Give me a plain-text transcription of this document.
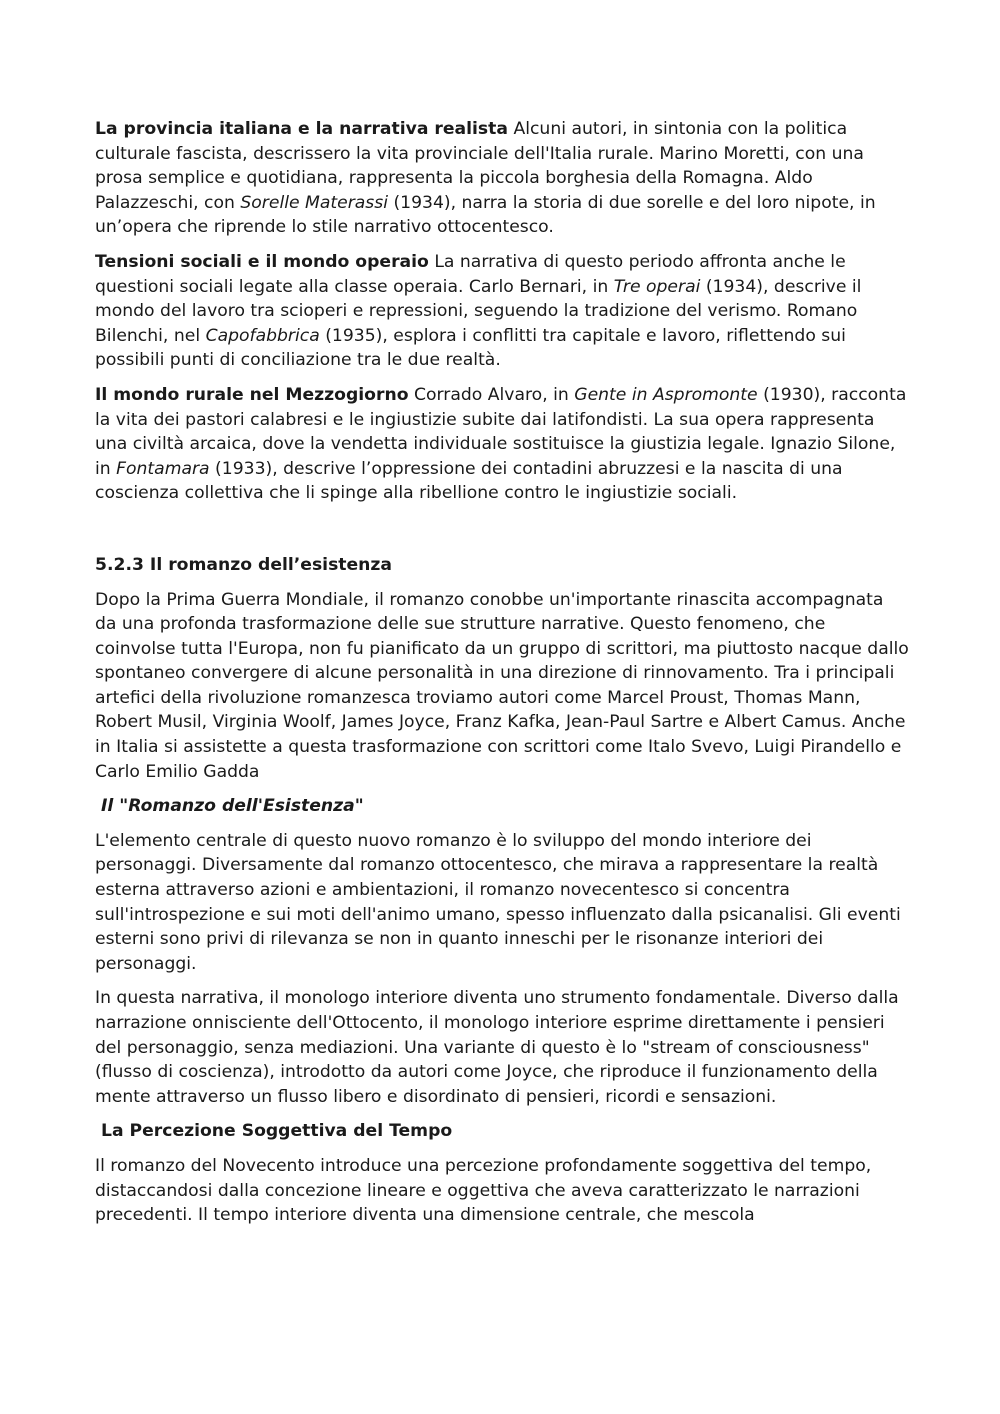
La provincia italiana e la narrativa realista Alcuni autori, in sintonia con la politica culturale fascista, descrissero la vita provinciale dell'Italia rurale. Marino Moretti, con una prosa semplice e quotidiana, rappresenta la piccola borghesia della Romagna. Aldo Palazzeschi, con Sorelle Materassi (1934), narra la storia di due sorelle e del loro nipote, in un’opera che riprende lo stile narrativo ottocentesco.

Tensioni sociali e il mondo operaio La narrativa di questo periodo affronta anche le questioni sociali legate alla classe operaia. Carlo Bernari, in Tre operai (1934), descrive il mondo del lavoro tra scioperi e repressioni, seguendo la tradizione del verismo. Romano Bilenchi, nel Capofabbrica (1935), esplora i conflitti tra capitale e lavoro, riflettendo sui possibili punti di conciliazione tra le due realtà.

Il mondo rurale nel Mezzogiorno Corrado Alvaro, in Gente in Aspromonte (1930), racconta la vita dei pastori calabresi e le ingiustizie subite dai latifondisti. La sua opera rappresenta una civiltà arcaica, dove la vendetta individuale sostituisce la giustizia legale. Ignazio Silone, in Fontamara (1933), descrive l’oppressione dei contadini abruzzesi e la nascita di una coscienza collettiva che li spinge alla ribellione contro le ingiustizie sociali.

5.2.3 Il romanzo dell’esistenza

Dopo la Prima Guerra Mondiale, il romanzo conobbe un'importante rinascita accompagnata da una profonda trasformazione delle sue strutture narrative. Questo fenomeno, che coinvolse tutta l'Europa, non fu pianificato da un gruppo di scrittori, ma piuttosto nacque dallo spontaneo convergere di alcune personalità in una direzione di rinnovamento. Tra i principali artefici della rivoluzione romanzesca troviamo autori come Marcel Proust, Thomas Mann, Robert Musil, Virginia Woolf, James Joyce, Franz Kafka, Jean-Paul Sartre e Albert Camus. Anche in Italia si assistette a questa trasformazione con scrittori come Italo Svevo, Luigi Pirandello e Carlo Emilio Gadda

Il "Romanzo dell'Esistenza"

L'elemento centrale di questo nuovo romanzo è lo sviluppo del mondo interiore dei personaggi. Diversamente dal romanzo ottocentesco, che mirava a rappresentare la realtà esterna attraverso azioni e ambientazioni, il romanzo novecentesco si concentra sull'introspezione e sui moti dell'animo umano, spesso influenzato dalla psicanalisi. Gli eventi esterni sono privi di rilevanza se non in quanto inneschi per le risonanze interiori dei personaggi.

In questa narrativa, il monologo interiore diventa uno strumento fondamentale. Diverso dalla narrazione onnisciente dell'Ottocento, il monologo interiore esprime direttamente i pensieri del personaggio, senza mediazioni. Una variante di questo è lo "stream of consciousness" (flusso di coscienza), introdotto da autori come Joyce, che riproduce il funzionamento della mente attraverso un flusso libero e disordinato di pensieri, ricordi e sensazioni.

La Percezione Soggettiva del Tempo

Il romanzo del Novecento introduce una percezione profondamente soggettiva del tempo, distaccandosi dalla concezione lineare e oggettiva che aveva caratterizzato le narrazioni precedenti. Il tempo interiore diventa una dimensione centrale, che mescola
